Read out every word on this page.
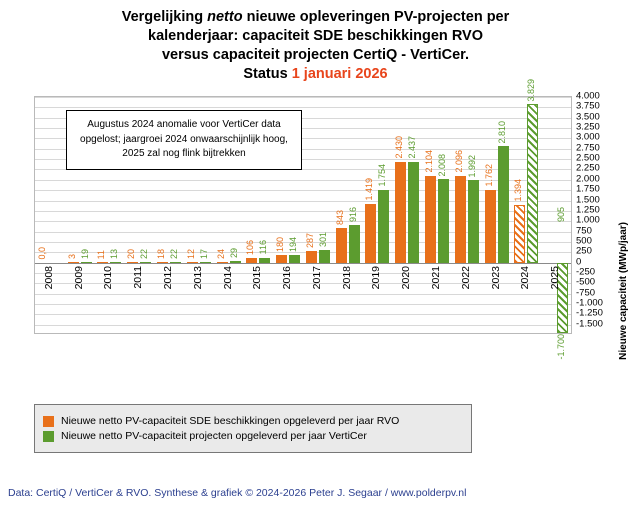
Vergelijking netto nieuwe opleveringen PV-projecten per
kalenderjaar: capaciteit SDE beschikkingen RVO
versus capaciteit projecten CertiQ - VertiCer.
Status 1 januari 2026
Nieuwe capaciteit (MWp/jaar)
Augustus 2024 anomalie voor VertiCer data opgelost; jaargroei 2024 onwaarschijnlijk hoog, 2025 zal nog flink bijtrekken
4.000
3.750
3.500
3.250
3.000
2.750
2.500
2.250
2.000
1.750
1.500
1.250
1.000
750
500
250
0
-250
-500
-750
-1.000
-1.250
-1.500
2008
0,0
2009
3 19
2010
11 13
2011
20 22
2012
18 22
2013
12 17
2014
24 29
2015
106 116
2016
180 194
2017
287 301
2018
843 916
2019
1.419
1.754
2020
2.430 2.437
2021
2.104 2.008
2022
2.096 1.992
2023
1.762
2.810
2024
1.394
3.829
2025
-1.700
905
Nieuwe netto PV-capaciteit SDE beschikkingen opgeleverd per jaar RVO
Nieuwe netto PV-capaciteit projecten opgeleverd per jaar VertiCer
Data: CertiQ / VertiCer & RVO. Synthese & grafiek © 2024-2026 Peter J. Segaar / www.polderpv.nl
